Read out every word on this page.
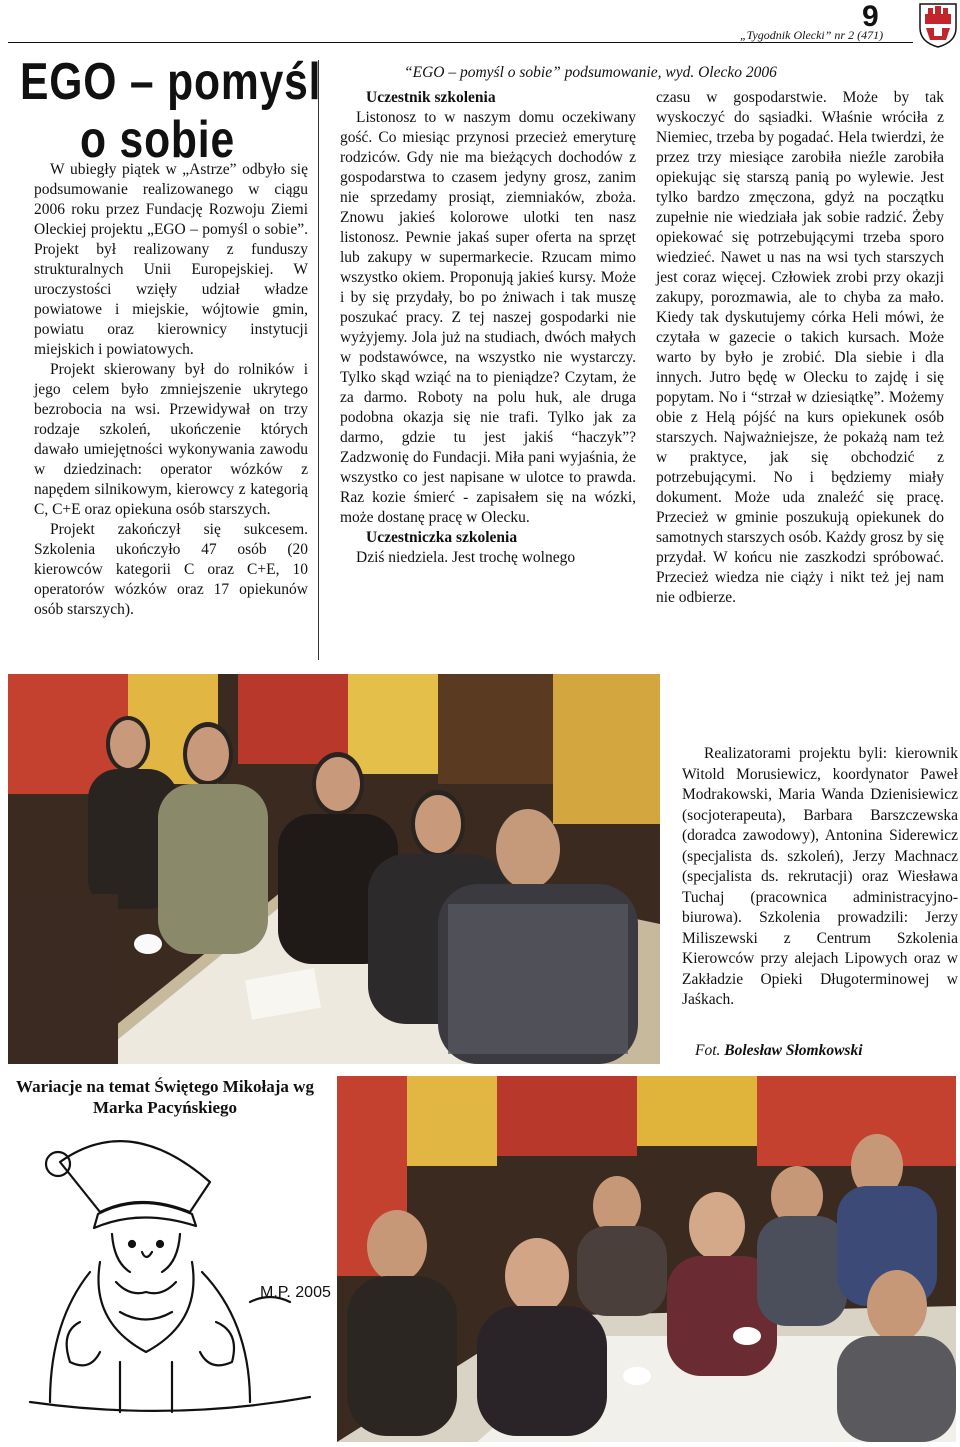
9
„Tygodnik Olecki” nr 2 (471)
EGO – pomyśl
o sobie

W ubiegły piątek w „Astrze” odbyło się podsumowanie realizowanego w ciągu 2006 roku przez Fundację Rozwoju Ziemi Oleckiej projektu „EGO – pomyśl o sobie”. Projekt był realizowany z funduszy strukturalnych Unii Europejskiej. W uroczystości wzięły udział władze powiatowe i miejskie, wójtowie gmin, powiatu oraz kierownicy instytucji miejskich i powiatowych.

Projekt skierowany był do rolników i jego celem było zmniejszenie ukrytego bezrobocia na wsi. Przewidywał on trzy rodzaje szkoleń, ukończenie których dawało umiejętności wykonywania zawodu w dziedzinach: operator wózków z napędem silnikowym, kierowcy z kategorią C, C+E oraz opiekuna osób starszych.

Projekt zakończył się sukcesem. Szkolenia ukończyło 47 osób (20 kierowców kategorii C oraz C+E, 10 operatorów wózków oraz 17 opiekunów osób starszych).

“EGO – pomyśl o sobie” podsumowanie, wyd. Olecko 2006

Uczestnik szkolenia

Listonosz to w naszym domu oczekiwany gość. Co miesiąc przynosi przecież emeryturę rodziców. Gdy nie ma bieżących dochodów z gospodarstwa to czasem jedyny grosz, zanim nie sprzedamy prosiąt, ziemniaków, zboża. Znowu jakieś kolorowe ulotki ten nasz listonosz. Pewnie jakaś super oferta na sprzęt lub zakupy w supermarkecie. Rzucam mimo wszystko okiem. Proponują jakieś kursy. Może i by się przydały, bo po żniwach i tak muszę poszukać pracy. Z tej naszej gospodarki nie wyżyjemy. Jola już na studiach, dwóch małych w podstawówce, na wszystko nie wystarczy. Tylko skąd wziąć na to pieniądze? Czytam, że za darmo. Roboty na polu huk, ale druga podobna okazja się nie trafi. Tylko jak za darmo, gdzie tu jest jakiś “haczyk”? Zadzwonię do Fundacji. Miła pani wyjaśnia, że wszystko co jest napisane w ulotce to prawda. Raz kozie śmierć - zapisałem się na wózki, może dostanę pracę w Olecku.

Uczestniczka szkolenia

Dziś niedziela. Jest trochę wolnego

czasu w gospodarstwie. Może by tak wyskoczyć do sąsiadki. Właśnie wróciła z Niemiec, trzeba by pogadać. Hela twierdzi, że przez trzy miesiące zarobiła nieźle zarobiła opiekując się starszą panią po wylewie. Jest tylko bardzo zmęczona, gdyż na początku zupełnie nie wiedziała jak sobie radzić. Żeby opiekować się potrzebującymi trzeba sporo wiedzieć. Nawet u nas na wsi tych starszych jest coraz więcej. Człowiek zrobi przy okazji zakupy, porozmawia, ale to chyba za mało. Kiedy tak dyskutujemy córka Heli mówi, że czytała w gazecie o takich kursach. Może warto by było je zrobić. Dla siebie i dla innych. Jutro będę w Olecku to zajdę i się popytam. No i “strzał w dziesiątkę”. Możemy obie z Helą pójść na kurs opiekunek osób starszych. Najważniejsze, że pokażą nam też w praktyce, jak się obchodzić z potrzebującymi. No i będziemy miały dokument. Może uda znaleźć się pracę. Przecież w gminie poszukują opiekunek do samotnych starszych osób. Każdy grosz by się przydał. W końcu nie zaszkodzi spróbować. Przecież wiedza nie ciąży i nikt też jej nam nie odbierze.

Realizatorami projektu byli: kierownik Witold Morusiewicz, koordynator Paweł Modrakowski, Maria Wanda Dzienisiewicz (socjoterapeuta), Barbara Barszczewska (doradca zawodowy), Antonina Siderewicz (specjalista ds. szkoleń), Jerzy Machnacz (specjalista ds. rekrutacji) oraz Wiesława Tuchaj (pracownica administracyjno-biurowa). Szkolenia prowadzili: Jerzy Miliszewski z Centrum Szkolenia Kierowców przy alejach Lipowych oraz w Zakładzie Opieki Długoterminowej w Jaśkach.

Fot. Bolesław Słomkowski
Wariacje na temat Świętego Mikołaja wg Marka Pacyńskiego
M.P. 2005
